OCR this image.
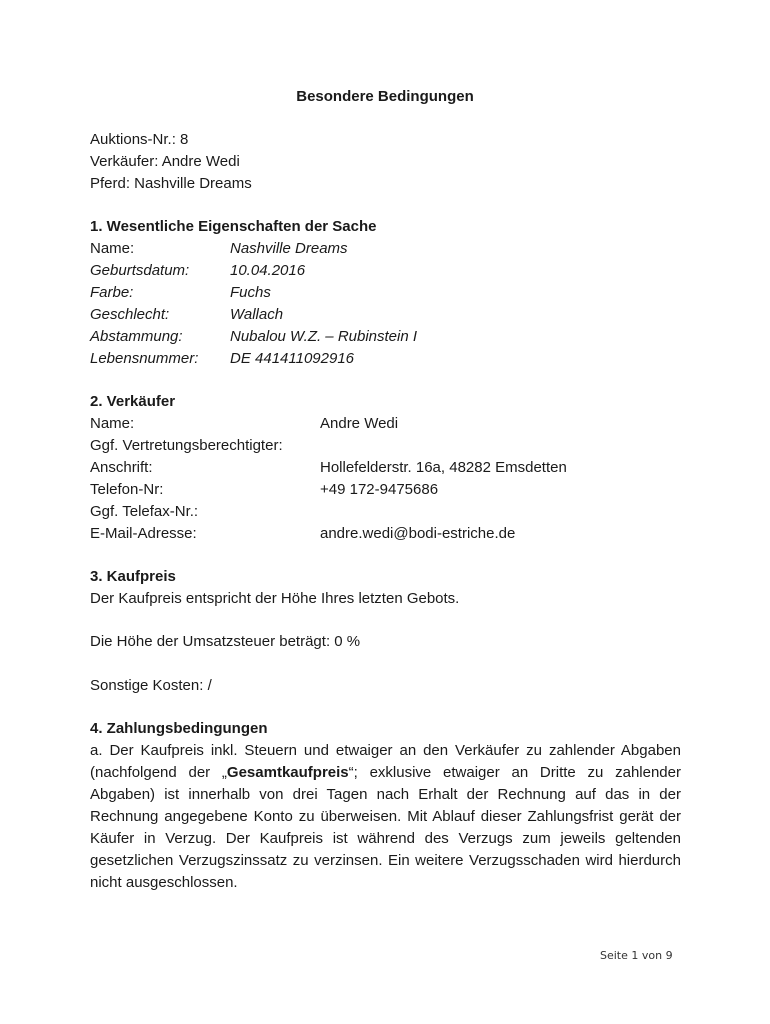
Besondere Bedingungen
Auktions-Nr.: 8
Verkäufer: Andre Wedi
Pferd: Nashville Dreams
1. Wesentliche Eigenschaften der Sache
Name:	Nashville Dreams
Geburtsdatum:	10.04.2016
Farbe:	Fuchs
Geschlecht:	Wallach
Abstammung:	Nubalou W.Z. – Rubinstein I
Lebensnummer: DE 441411092916
2. Verkäufer
Name:	Andre Wedi
Ggf. Vertretungsberechtigter:
Anschrift:	Hollefelderstr. 16a, 48282 Emsdetten
Telefon-Nr:	+49 172-9475686
Ggf. Telefax-Nr.:
E-Mail-Adresse:	andre.wedi@bodi-estriche.de
3. Kaufpreis
Der Kaufpreis entspricht der Höhe Ihres letzten Gebots.
Die Höhe der Umsatzsteuer beträgt: 0 %
Sonstige Kosten: /
4. Zahlungsbedingungen
a. Der Kaufpreis inkl. Steuern und etwaiger an den Verkäufer zu zahlender Abgaben (nachfolgend der „Gesamtkaufpreis“; exklusive etwaiger an Dritte zu zahlender Abgaben) ist innerhalb von drei Tagen nach Erhalt der Rechnung auf das in der Rechnung angegebene Konto zu überweisen. Mit Ablauf dieser Zahlungsfrist gerät der Käufer in Verzug. Der Kaufpreis ist während des Verzugs zum jeweils geltenden gesetzlichen Verzugszinssatz zu verzinsen. Ein weitere Verzugsschaden wird hierdurch nicht ausgeschlossen.
Seite 1 von 9
